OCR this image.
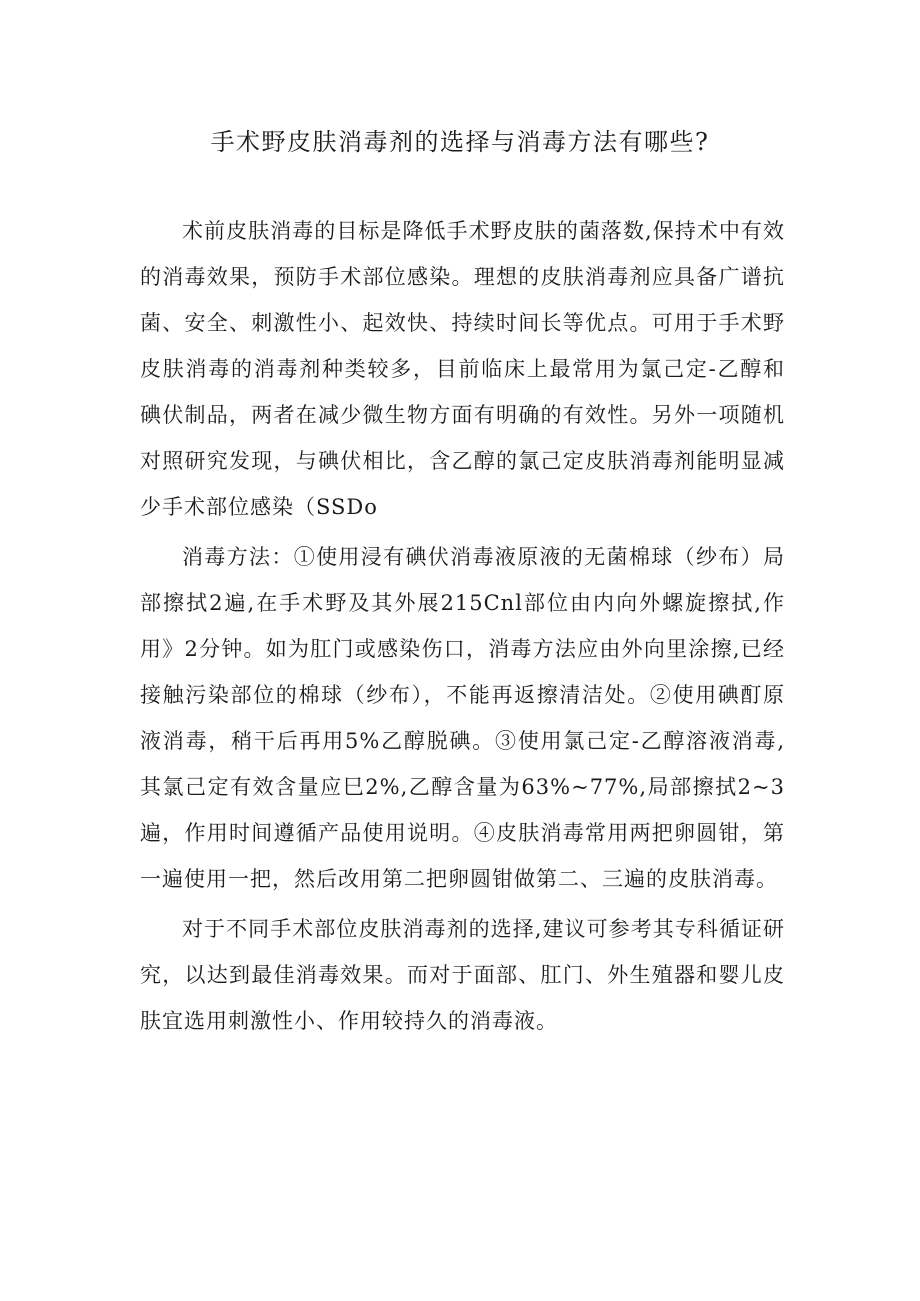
手术野皮肤消毒剂的选择与消毒方法有哪些?

术前皮肤消毒的目标是降低手术野皮肤的菌落数,保持术中有效的消毒效果，预防手术部位感染。理想的皮肤消毒剂应具备广谱抗菌、安全、刺激性小、起效快、持续时间长等优点。可用于手术野皮肤消毒的消毒剂种类较多，目前临床上最常用为氯己定-乙醇和碘伏制品，两者在减少微生物方面有明确的有效性。另外一项随机对照研究发现，与碘伏相比，含乙醇的氯己定皮肤消毒剂能明显减少手术部位感染（SSDo

消毒方法：①使用浸有碘伏消毒液原液的无菌棉球（纱布）局部擦拭2遍,在手术野及其外展215Cnl部位由内向外螺旋擦拭,作用》2分钟。如为肛门或感染伤口，消毒方法应由外向里涂擦,已经接触污染部位的棉球（纱布），不能再返擦清洁处。②使用碘酊原液消毒，稍干后再用5%乙醇脱碘。③使用氯己定-乙醇溶液消毒,其氯己定有效含量应巳2%,乙醇含量为63%~77%,局部擦拭2~3遍，作用时间遵循产品使用说明。④皮肤消毒常用两把卵圆钳，第一遍使用一把，然后改用第二把卵圆钳做第二、三遍的皮肤消毒。

对于不同手术部位皮肤消毒剂的选择,建议可参考其专科循证研究，以达到最佳消毒效果。而对于面部、肛门、外生殖器和婴儿皮肤宜选用刺激性小、作用较持久的消毒液。
